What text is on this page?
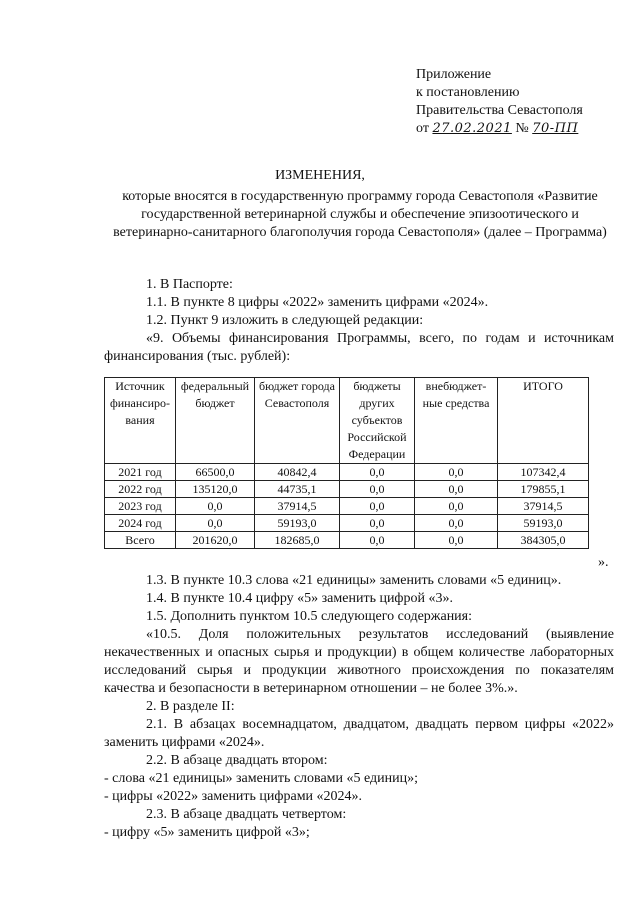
Приложение
к постановлению
Правительства Севастополя
от 27.02.2021 № 70-ПП
ИЗМЕНЕНИЯ,
которые вносятся в государственную программу города Севастополя «Развитие государственной ветеринарной службы и обеспечение эпизоотического и ветеринарно-санитарного благополучия города Севастополя» (далее – Программа)

1. В Паспорте:

1.1. В пункте 8 цифры «2022» заменить цифрами «2024».

1.2. Пункт 9 изложить в следующей редакции:

«9. Объемы финансирования Программы, всего, по годам и источникам финансирования (тыс. рублей):

Источник финансиро-вания	федеральный бюджет	бюджет города Севастополя	бюджеты других субъектов Российской Федерации	внебюджет-ные средства	ИТОГО
2021 год	66500,0	40842,4	0,0	0,0	107342,4
2022 год	135120,0	44735,1	0,0	0,0	179855,1
2023 год	0,0	37914,5	0,0	0,0	37914,5
2024 год	0,0	59193,0	0,0	0,0	59193,0
Всего	201620,0	182685,0	0,0	0,0	384305,0
».

1.3. В пункте 10.3 слова «21 единицы» заменить словами «5 единиц».

1.4. В пункте 10.4 цифру «5» заменить цифрой «3».

1.5. Дополнить пунктом 10.5 следующего содержания:

«10.5. Доля положительных результатов исследований (выявление некачественных и опасных сырья и продукции) в общем количестве лабораторных исследований сырья и продукции животного происхождения по показателям качества и безопасности в ветеринарном отношении – не более 3%.».

2. В разделе II:

2.1. В абзацах восемнадцатом, двадцатом, двадцать первом цифры «2022» заменить цифрами «2024».

2.2. В абзаце двадцать втором:

- слова «21 единицы» заменить словами «5 единиц»;

- цифры «2022» заменить цифрами «2024».

2.3. В абзаце двадцать четвертом:

- цифру «5» заменить цифрой «3»;
